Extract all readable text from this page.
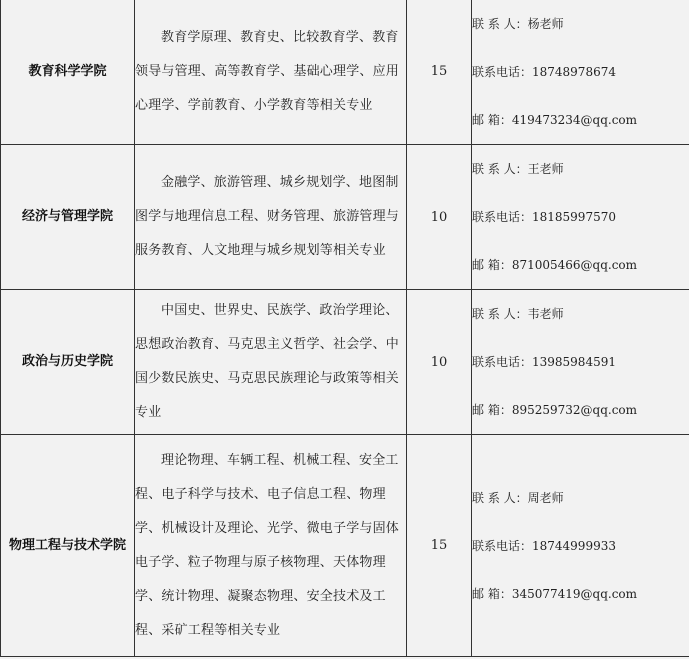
教育科学学院	教育学原理、教育史、比较教育学、教育领导与管理、高等教育学、基础心理学、应用心理学、学前教育、小学教育等相关专业	15	联 系 人：杨老师
联系电话：18748978674
邮 箱：419473234@qq.com

经济与管理学院	金融学、旅游管理、城乡规划学、地图制图学与地理信息工程、财务管理、旅游管理与服务教育、人文地理与城乡规划等相关专业	10	联 系 人：王老师
联系电话：18185997570
邮 箱：871005466@qq.com

政治与历史学院	中国史、世界史、民族学、政治学理论、思想政治教育、马克思主义哲学、社会学、中国少数民族史、马克思民族理论与政策等相关专业	10	联 系 人：韦老师
联系电话：13985984591
邮 箱：895259732@qq.com

物理工程与技术学院	理论物理、车辆工程、机械工程、安全工程、电子科学与技术、电子信息工程、物理学、机械设计及理论、光学、微电子学与固体电子学、粒子物理与原子核物理、天体物理学、统计物理、凝聚态物理、安全技术及工程、采矿工程等相关专业	15	联 系 人：周老师
联系电话：18744999933
邮 箱：345077419@qq.com
